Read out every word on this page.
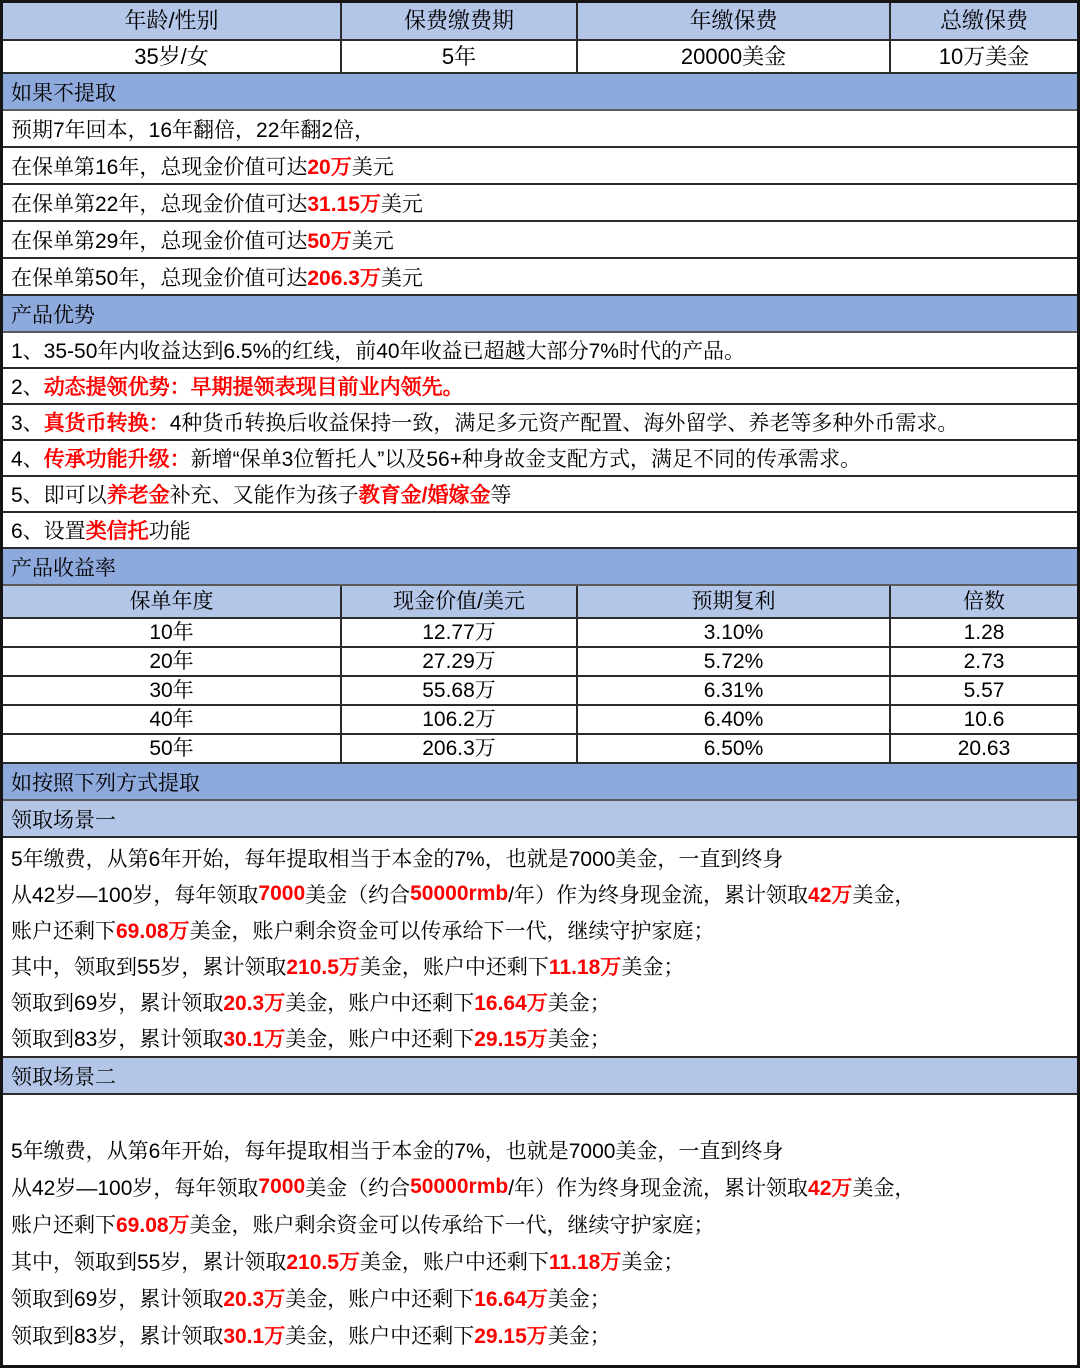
年龄/性别	保费缴费期	年缴保费	总缴保费
35岁/女	5年	20000美金	10万美金
如果不提取
预期7年回本，16年翻倍，22年翻2倍，
在保单第16年，总现金价值可达 20万 美元
在保单第22年，总现金价值可达 31.15万 美元
在保单第29年，总现金价值可达 50万 美元
在保单第50年，总现金价值可达 206.3万 美元
产品优势
1、35-50年内收益达到6.5%的红线，前40年收益已超越大部分7%时代的产品。
2、 动态提领优势：早期提领表现目前业内领先。
3、 真货币转换： 4种货币转换后收益保持一致，满足多元资产配置、海外留学、养老等多种外币需求。
4、 传承功能升级： 新增“保单3位暂托人”以及56+种身故金支配方式，满足不同的传承需求。
5、即可以 养老金 补充、又能作为孩子 教育金/婚嫁金 等
6、设置 类信托 功能
产品收益率
保单年度	现金价值/美元	预期复利	倍数
10年	12.77万	3.10%	1.28
20年	27.29万	5.72%	2.73
30年	55.68万	6.31%	5.57
40年	106.2万	6.40%	10.6
50年	206.3万	6.50%	20.63
如按照下列方式提取
领取场景一
5年缴费，从第6年开始，每年提取相当于本金的7%，也就是7000美金，一直到终身
从42岁—100岁，每年领取 7000 美金（约合 50000rmb /年）作为终身现金流，累计领取 42万 美金，
账户还剩下 69.08万 美金，账户剩余资金可以传承给下一代，继续守护家庭；
其中，领取到55岁，累计领取 210.5万 美金，账户中还剩下 11.18万 美金；
领取到69岁，累计领取 20.3万 美金，账户中还剩下 16.64万 美金；
领取到83岁，累计领取 30.1万 美金，账户中还剩下 29.15万 美金；
领取场景二
5年缴费，从第6年开始，每年提取相当于本金的7%，也就是7000美金，一直到终身
从42岁—100岁，每年领取 7000 美金（约合 50000rmb /年）作为终身现金流，累计领取 42万 美金，
账户还剩下 69.08万 美金，账户剩余资金可以传承给下一代，继续守护家庭；
其中，领取到55岁，累计领取 210.5万 美金，账户中还剩下 11.18万 美金；
领取到69岁，累计领取 20.3万 美金，账户中还剩下 16.64万 美金；
领取到83岁，累计领取 30.1万 美金，账户中还剩下 29.15万 美金；
